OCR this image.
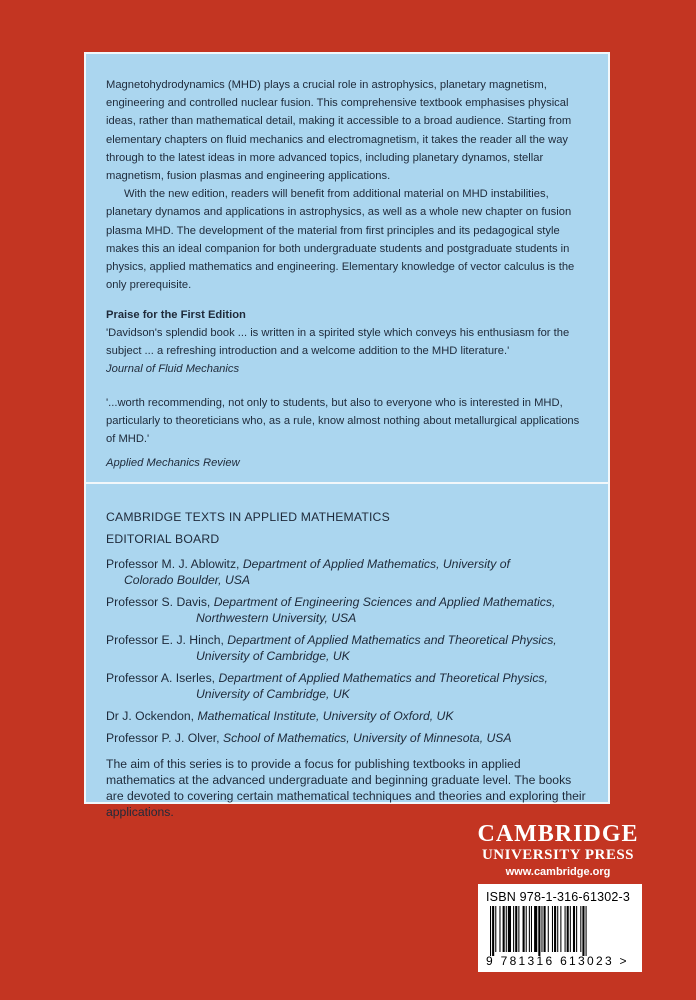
Magnetohydrodynamics (MHD) plays a crucial role in astrophysics, planetary magnetism, engineering and controlled nuclear fusion. This comprehensive textbook emphasises physical ideas, rather than mathematical detail, making it accessible to a broad audience. Starting from elementary chapters on fluid mechanics and electromagnetism, it takes the reader all the way through to the latest ideas in more advanced topics, including planetary dynamos, stellar magnetism, fusion plasmas and engineering applications.

With the new edition, readers will benefit from additional material on MHD instabilities, planetary dynamos and applications in astrophysics, as well as a whole new chapter on fusion plasma MHD. The development of the material from first principles and its pedagogical style makes this an ideal companion for both undergraduate students and postgraduate students in physics, applied mathematics and engineering. Elementary knowledge of vector calculus is the only prerequisite.

Praise for the First Edition
'Davidson's splendid book ... is written in a spirited style which conveys his enthusiasm for the subject ... a refreshing introduction and a welcome addition to the MHD literature.'
Journal of Fluid Mechanics
'...worth recommending, not only to students, but also to everyone who is interested in MHD, particularly to theoreticians who, as a rule, know almost nothing about metallurgical applications of MHD.'
Applied Mechanics Review
CAMBRIDGE TEXTS IN APPLIED MATHEMATICS
EDITORIAL BOARD
Professor M. J. Ablowitz, Department of Applied Mathematics, University of
Colorado Boulder, USA
Professor S. Davis, Department of Engineering Sciences and Applied Mathematics,
Northwestern University, USA
Professor E. J. Hinch, Department of Applied Mathematics and Theoretical Physics,
University of Cambridge, UK
Professor A. Iserles, Department of Applied Mathematics and Theoretical Physics,
University of Cambridge, UK
Dr J. Ockendon, Mathematical Institute, University of Oxford, UK
Professor P. J. Olver, School of Mathematics, University of Minnesota, USA
The aim of this series is to provide a focus for publishing textbooks in applied mathematics at the advanced undergraduate and beginning graduate level. The books are devoted to covering certain mathematical techniques and theories and exploring their applications.
CAMBRIDGE
UNIVERSITY PRESS
www.cambridge.org
ISBN 978-1-316-61302-3
9 781316 613023 >
